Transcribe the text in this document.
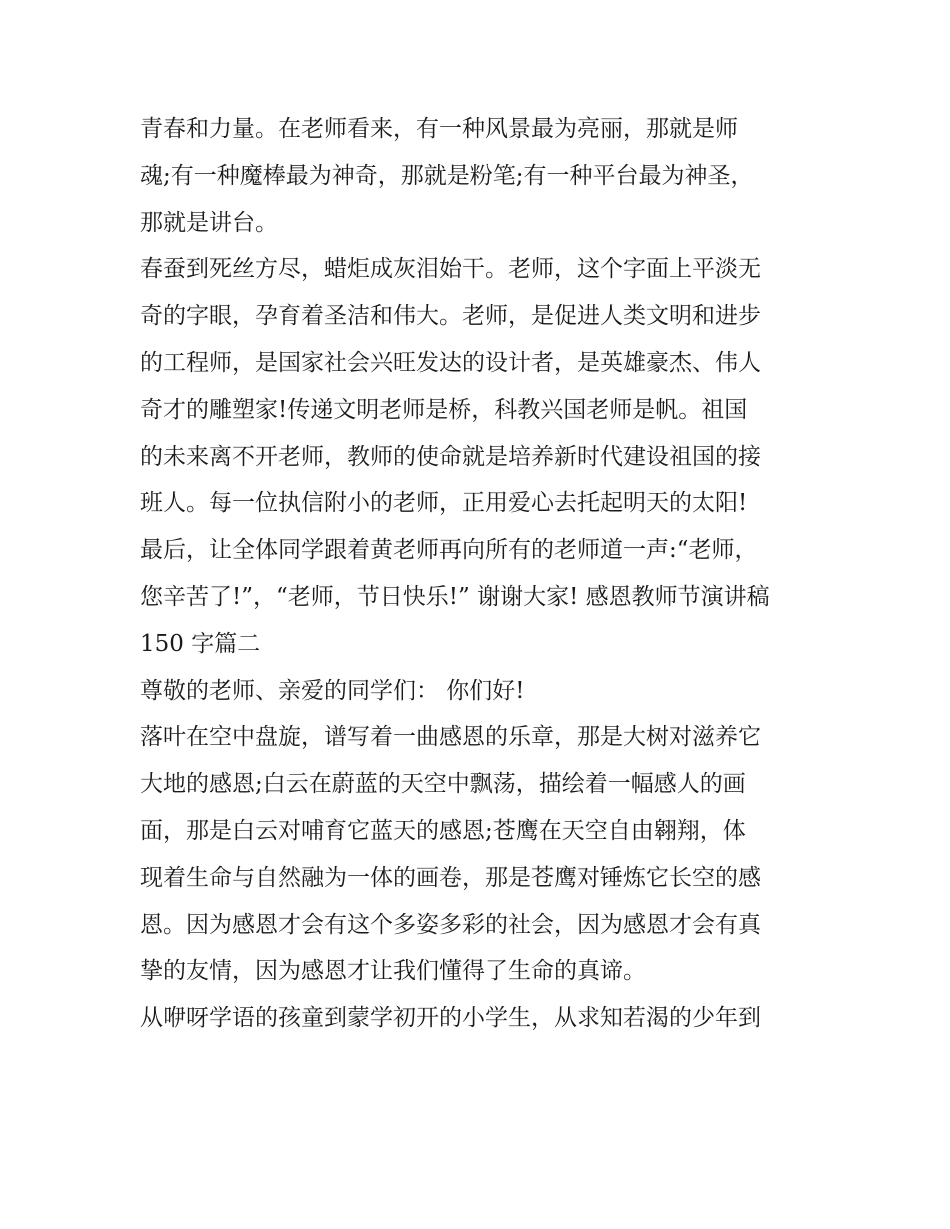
青春和力量。在老师看来，有一种风景最为亮丽，那就是师
魂;有一种魔棒最为神奇，那就是粉笔;有一种平台最为神圣，
那就是讲台。
春蚕到死丝方尽，蜡炬成灰泪始干。老师，这个字面上平淡无
奇的字眼，孕育着圣洁和伟大。老师，是促进人类文明和进步
的工程师，是国家社会兴旺发达的设计者，是英雄豪杰、伟人
奇才的雕塑家!传递文明老师是桥，科教兴国老师是帆。祖国
的未来离不开老师，教师的使命就是培养新时代建设祖国的接
班人。每一位执信附小的老师，正用爱心去托起明天的太阳!
最后，让全体同学跟着黄老师再向所有的老师道一声:“老师，
您辛苦了!”，“老师，节日快乐!” 谢谢大家! 感恩教师节演讲稿
150 字篇二
尊敬的老师、亲爱的同学们： 你们好!
落叶在空中盘旋，谱写着一曲感恩的乐章，那是大树对滋养它
大地的感恩;白云在蔚蓝的天空中飘荡，描绘着一幅感人的画
面，那是白云对哺育它蓝天的感恩;苍鹰在天空自由翱翔，体
现着生命与自然融为一体的画卷，那是苍鹰对锤炼它长空的感
恩。因为感恩才会有这个多姿多彩的社会，因为感恩才会有真
挚的友情，因为感恩才让我们懂得了生命的真谛。
从咿呀学语的孩童到蒙学初开的小学生，从求知若渴的少年到
